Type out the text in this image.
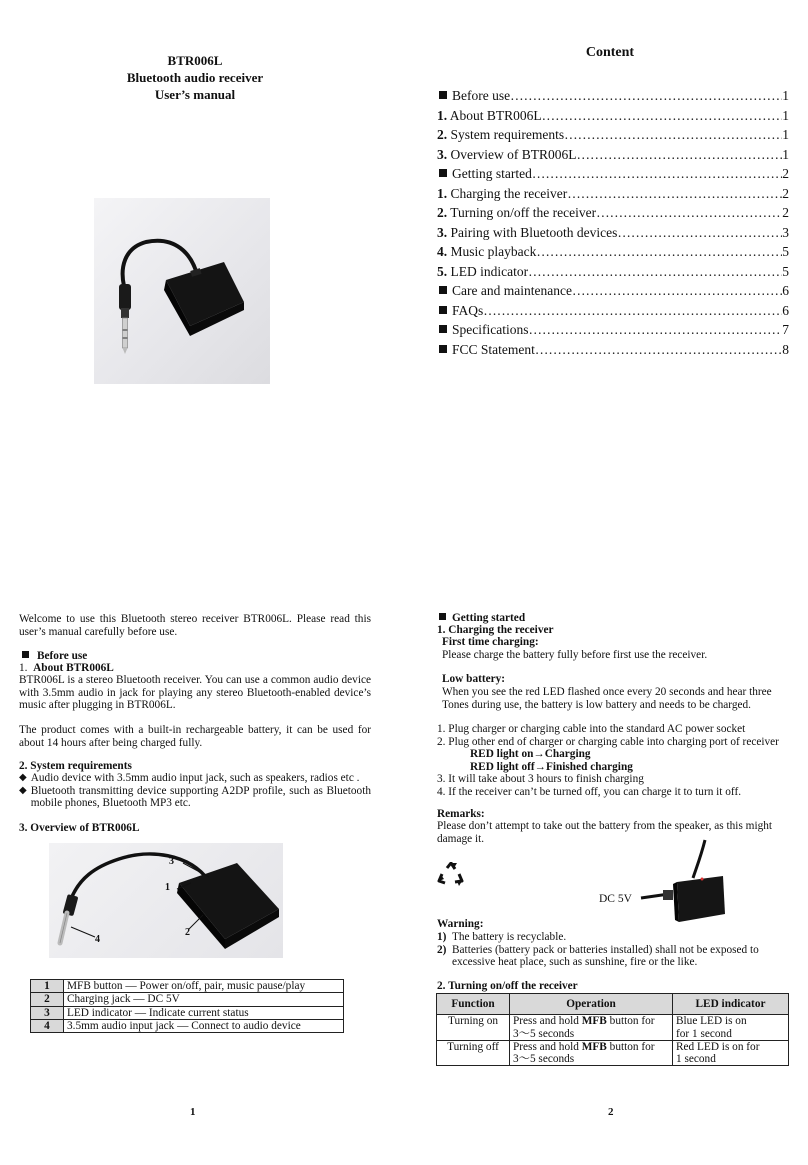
BTR006L
Bluetooth audio receiver
User’s manual
Content
Before use ……………………………………………………………………………………………………………………	1
1. About BTR006L ……………………………………………………………………………………………………………………	1
2. System requirements ……………………………………………………………………………………………………………………	1
3. Overview of BTR006L ……………………………………………………………………………………………………………………	1
Getting started ……………………………………………………………………………………………………………………	2
1. Charging the receiver ……………………………………………………………………………………………………………………	2
2. Turning on/off the receiver ……………………………………………………………………………………………………………………	2
3. Pairing with Bluetooth devices ……………………………………………………………………………………………………………………	3
4. Music playback ……………………………………………………………………………………………………………………	5
5. LED indicator ……………………………………………………………………………………………………………………	5
Care and maintenance ……………………………………………………………………………………………………………………	6
FAQs ……………………………………………………………………………………………………………………	6
Specifications ……………………………………………………………………………………………………………………	7
FCC Statement ……………………………………………………………………………………………………………………	8
Welcome to use this Bluetooth stereo receiver BTR006L. Please read this user’s manual carefully before use.
Before use
1. About BTR006L
BTR006L is a stereo Bluetooth receiver. You can use a common audio device with 3.5mm audio in jack for playing any stereo Bluetooth-enabled device’s music after plugging in BTR006L.
The product comes with a built-in rechargeable battery, it can be used for about 14 hours after being charged fully.
2. System requirements
◆ Audio device with 3.5mm audio input jack, such as speakers, radios etc .
◆ Bluetooth transmitting device supporting A2DP profile, such as Bluetooth mobile phones, Bluetooth MP3 etc.
3. Overview of BTR006L
3
1
2
4
1	MFB button — Power on/off, pair, music pause/play
2	Charging jack — DC 5V
3	LED indicator — Indicate current status
4	3.5mm audio input jack — Connect to audio device
1
Getting started
1. Charging the receiver
First time charging:
Please charge the battery fully before first use the receiver.
Low battery:
When you see the red LED flashed once every 20 seconds and hear three Tones during use, the battery is low battery and needs to be charged.
1. Plug charger or charging cable into the standard AC power socket
2. Plug other end of charger or charging cable into charging port of receiver
RED light on→Charging
RED light off→Finished charging
3. It will take about 3 hours to finish charging
4. If the receiver can’t be turned off, you can charge it to turn it off.
Remarks:
Please don’t attempt to take out the battery from the speaker, as this might damage it.
DC 5V
Warning:
1) The battery is recyclable.
2) Batteries (battery pack or batteries installed) shall not be exposed to excessive heat place, such as sunshine, fire or the like.
2. Turning on/off the receiver
Function	Operation	LED indicator
Turning on	Press and hold MFB button for
3～5 seconds	Blue LED is on
for 1 second
Turning off	Press and hold MFB button for
3～5 seconds	Red LED is on for
1 second
2
